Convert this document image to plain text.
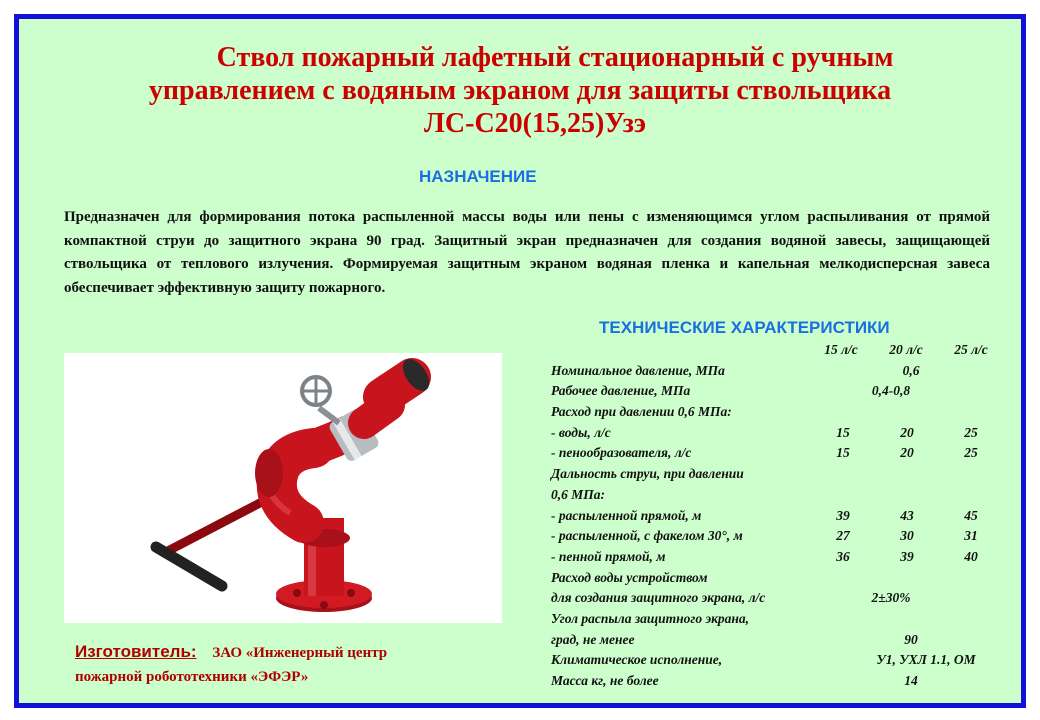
Ствол пожарный лафетный стационарный с ручным
управлением с водяным экраном для защиты ствольщика
ЛС-С20(15,25)Узэ
НАЗНАЧЕНИЕ
Предназначен для формирования потока распыленной массы воды или пены с изменяющимся углом распыливания от прямой компактной струи до защитного экрана 90 град. Защитный экран предназначен для создания водяной завесы, защищающей ствольщика от теплового излучения. Формируемая защитным экраном водяная пленка и капельная мелкодисперсная завеса обеспечивает эффективную защиту пожарного.
Изготовитель: ЗАО «Инженерный центр
пожарной робототехники «ЭФЭР»
ТЕХНИЧЕСКИЕ ХАРАКТЕРИСТИКИ
15 л/с	20 л/с	25 л/с
Номинальное давление, МПа	0,6
Рабочее давление, МПа	0,4-0,8
Расход при давлении 0,6 МПа:
- воды, л/с	15	20	25
- пенообразователя, л/с	15	20	25
Дальность струи, при давлении
0,6 МПа:
- распыленной прямой, м	39	43	45
- распыленной, с факелом 30°, м	27	30	31
- пенной прямой, м	36	39	40
Расход воды устройством
для создания защитного экрана, л/с	2±30%
Угол распыла защитного экрана,
град, не менее	90
Климатическое исполнение,	У1, УХЛ 1.1, ОМ
Масса кг, не более	14
